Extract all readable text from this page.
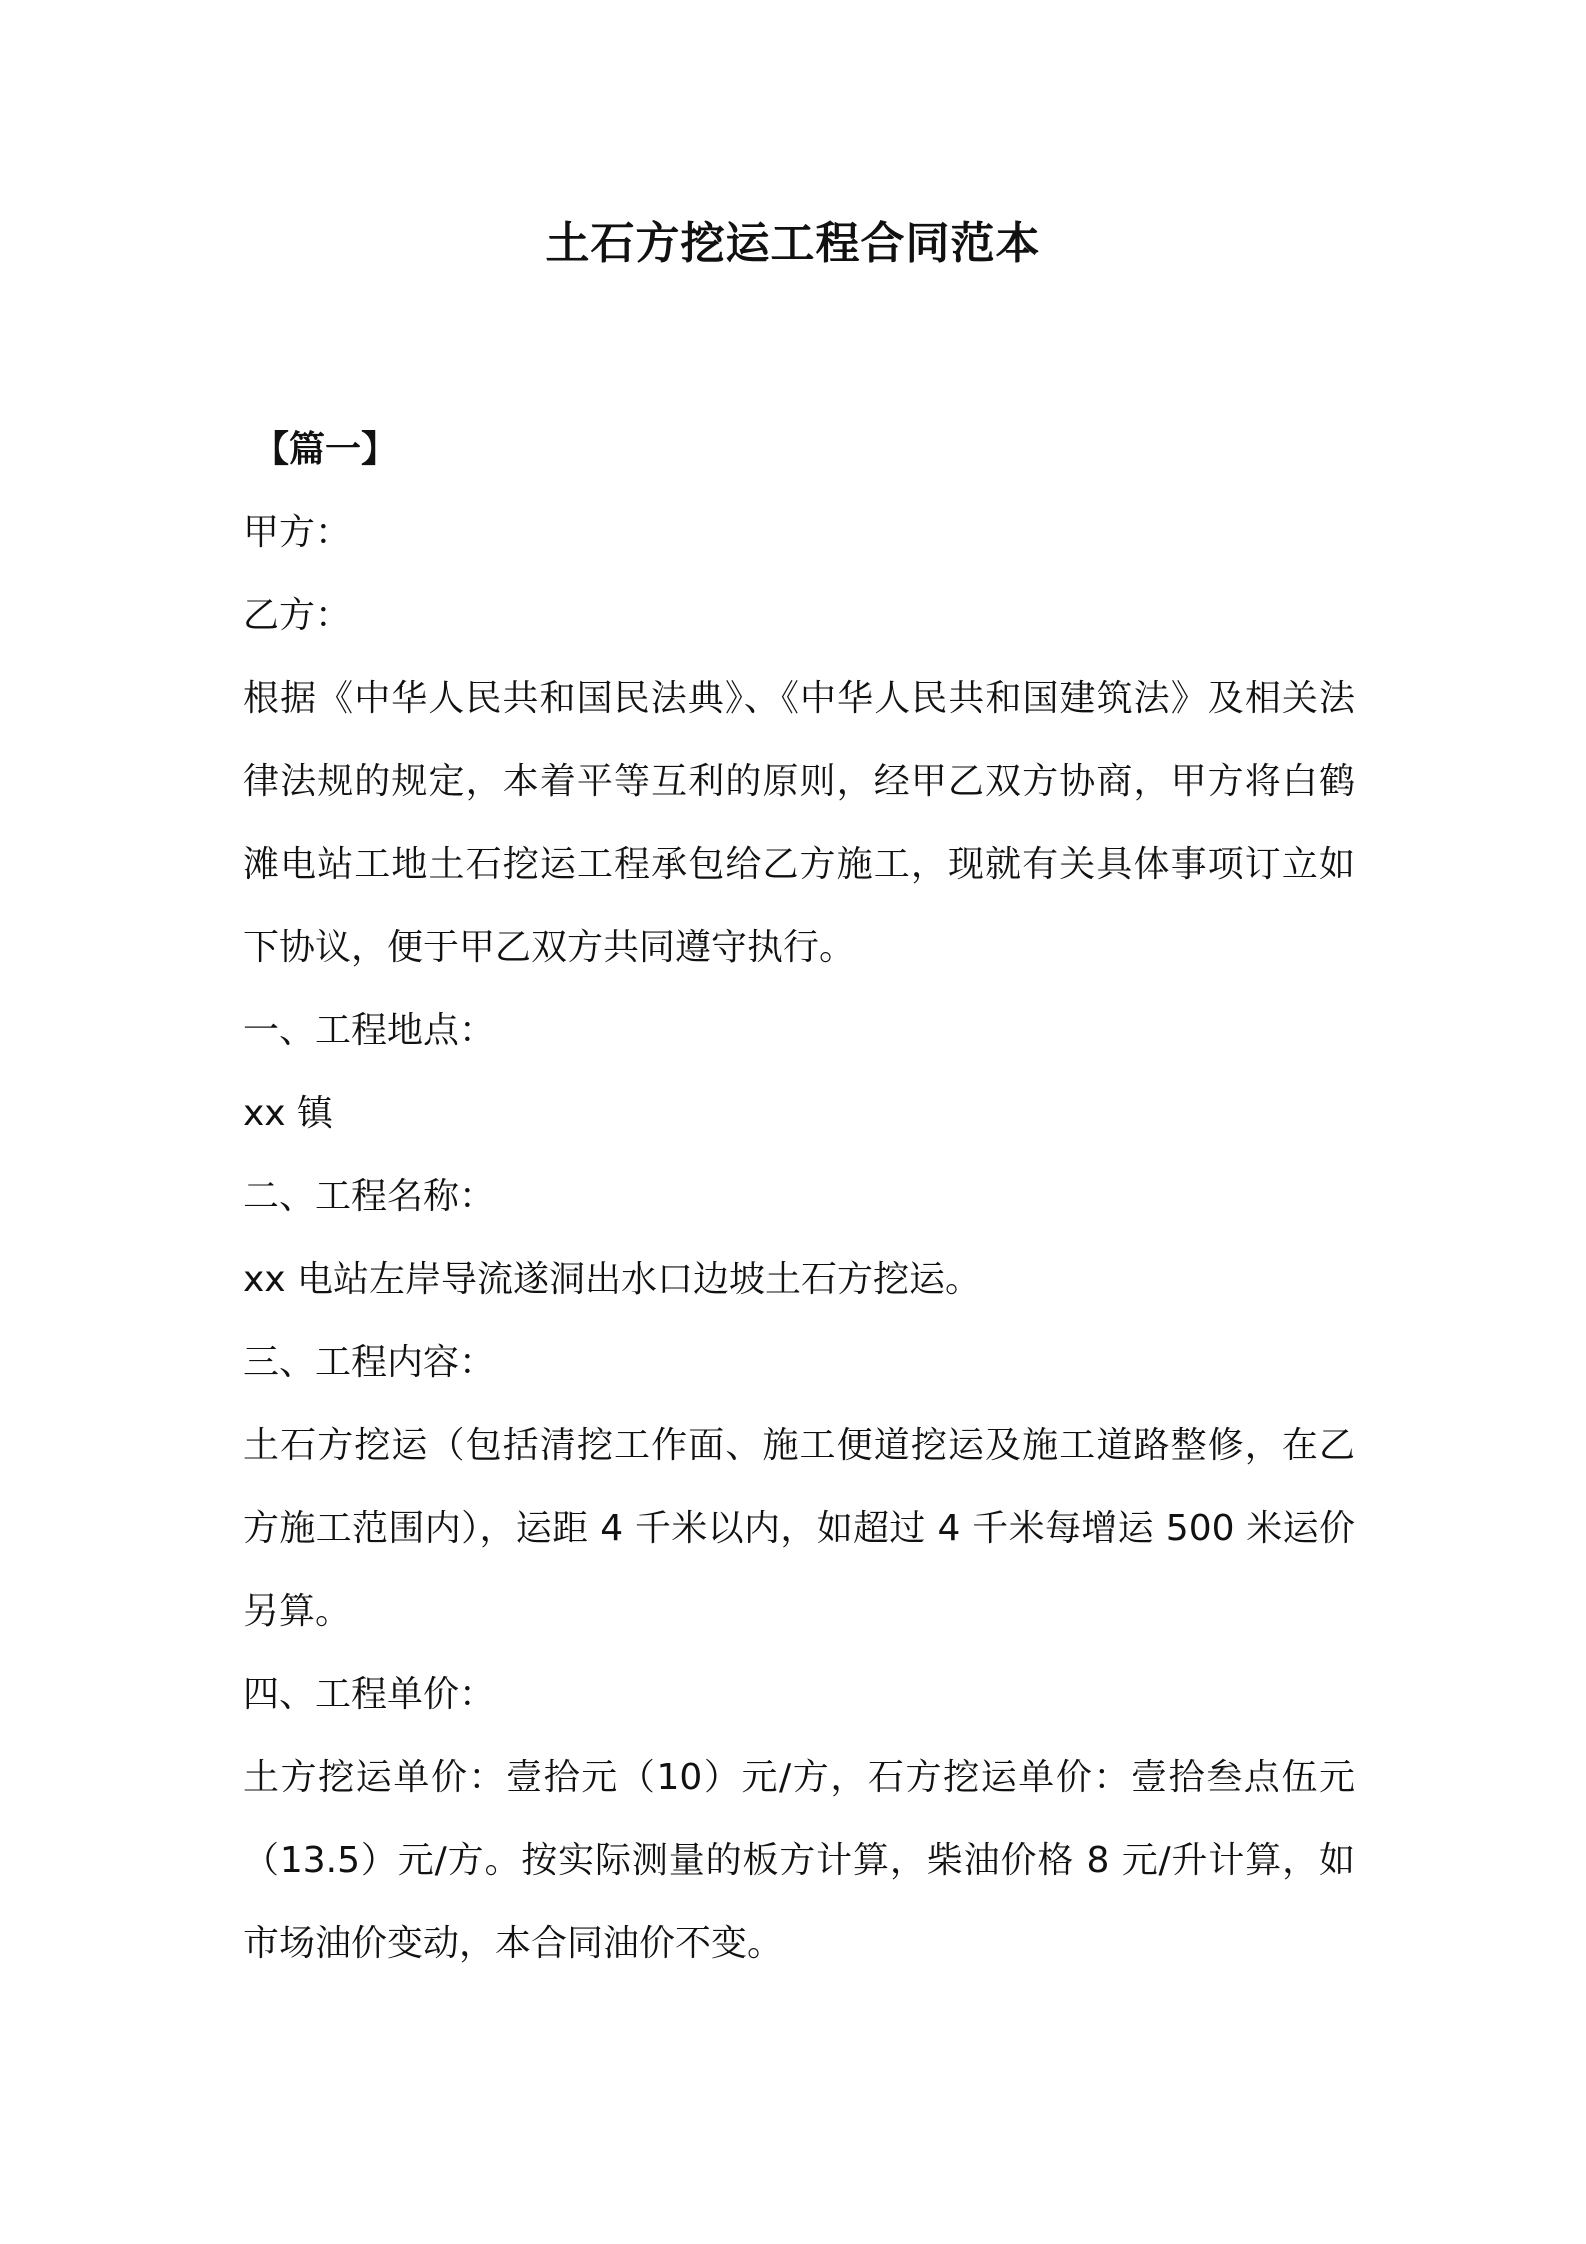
土石方挖运工程合同范本
【篇一】
甲方：
乙方：
根据《中华人民共和国民法典》、《中华人民共和国建筑法》及相关法
律法规的规定，本着平等互利的原则，经甲乙双方协商，甲方将白鹤
滩电站工地土石挖运工程承包给乙方施工，现就有关具体事项订立如
下协议，便于甲乙双方共同遵守执行。
一、工程地点：
xx 镇
二、工程名称：
xx 电站左岸导流遂洞出水口边坡土石方挖运。
三、工程内容：
土石方挖运（包括清挖工作面、施工便道挖运及施工道路整修，在乙
方施工范围内），运距 4 千米以内，如超过 4 千米每增运 500 米运价
另算。
四、工程单价：
土方挖运单价：壹拾元（10）元/方，石方挖运单价：壹拾叁点伍元
（13.5）元/方。按实际测量的板方计算，柴油价格 8 元/升计算，如
市场油价变动，本合同油价不变。
